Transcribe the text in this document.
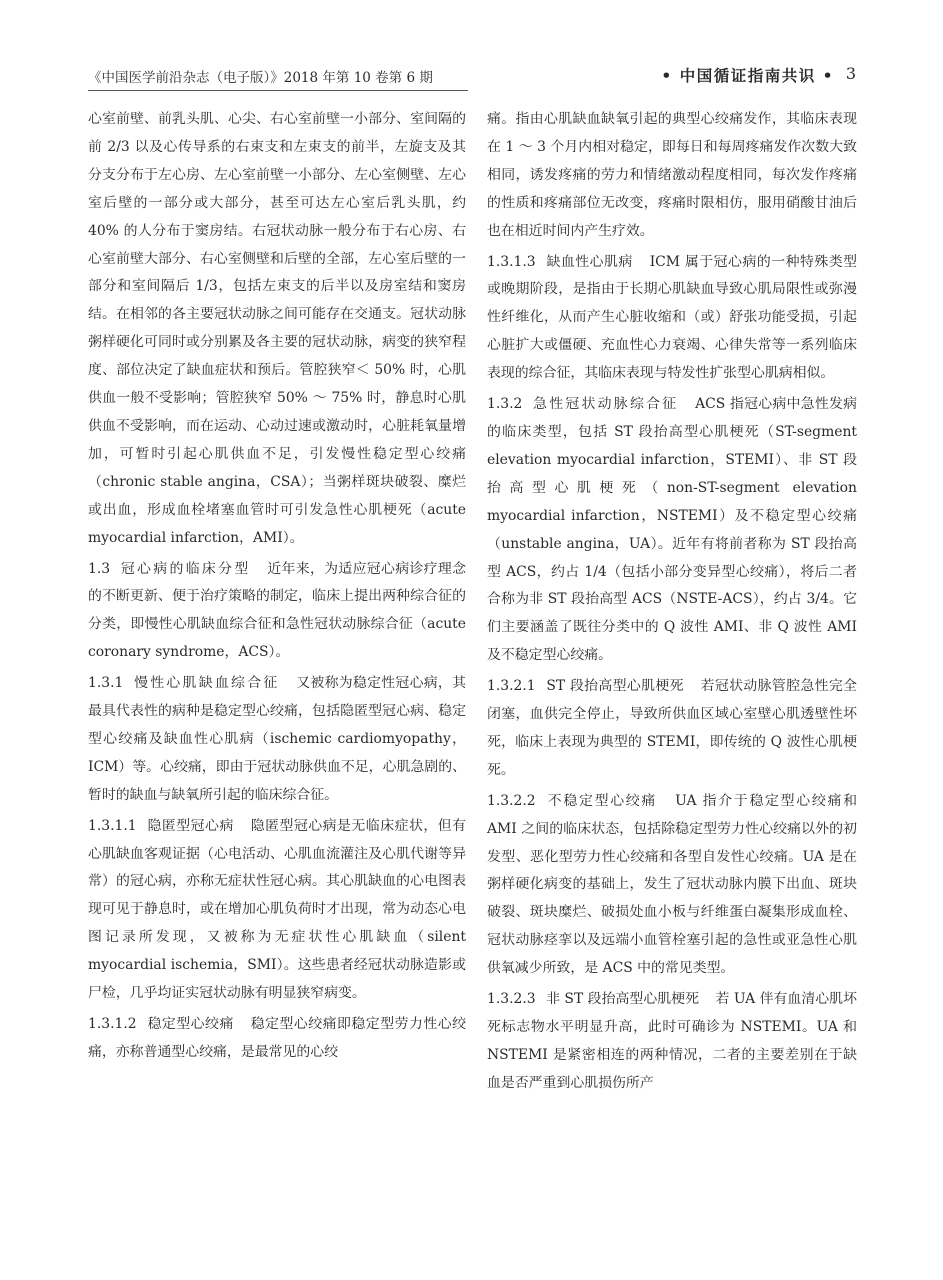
《中国医学前沿杂志（电子版）》2018 年第 10 卷第 6 期	• 中国循证指南共识 • 3

心室前壁、前乳头肌、心尖、右心室前壁一小部分、室间隔的前 2/3 以及心传导系的右束支和左束支的前半，左旋支及其分支分布于左心房、左心室前壁一小部分、左心室侧壁、左心室后壁的一部分或大部分，甚至可达左心室后乳头肌，约 40% 的人分布于窦房结。右冠状动脉一般分布于右心房、右心室前壁大部分、右心室侧壁和后壁的全部，左心室后壁的一部分和室间隔后 1/3，包括左束支的后半以及房室结和窦房结。在相邻的各主要冠状动脉之间可能存在交通支。冠状动脉粥样硬化可同时或分别累及各主要的冠状动脉，病变的狭窄程度、部位决定了缺血症状和预后。管腔狭窄＜ 50% 时，心肌供血一般不受影响；管腔狭窄 50% ～ 75% 时，静息时心肌供血不受影响，而在运动、心动过速或激动时，心脏耗氧量增加，可暂时引起心肌供血不足，引发慢性稳定型心绞痛（chronic stable angina，CSA）；当粥样斑块破裂、糜烂或出血，形成血栓堵塞血管时可引发急性心肌梗死（acute myocardial infarction，AMI）。

1.3 冠心病的临床分型 近年来，为适应冠心病诊疗理念的不断更新、便于治疗策略的制定，临床上提出两种综合征的分类，即慢性心肌缺血综合征和急性冠状动脉综合征（acute coronary syndrome，ACS）。

1.3.1 慢性心肌缺血综合征 又被称为稳定性冠心病，其最具代表性的病种是稳定型心绞痛，包括隐匿型冠心病、稳定型心绞痛及缺血性心肌病（ischemic cardiomyopathy，ICM）等。心绞痛，即由于冠状动脉供血不足，心肌急剧的、暂时的缺血与缺氧所引起的临床综合征。

1.3.1.1 隐匿型冠心病 隐匿型冠心病是无临床症状，但有心肌缺血客观证据（心电活动、心肌血流灌注及心肌代谢等异常）的冠心病，亦称无症状性冠心病。其心肌缺血的心电图表现可见于静息时，或在增加心肌负荷时才出现，常为动态心电图记录所发现，又被称为无症状性心肌缺血（silent myocardial ischemia，SMI）。这些患者经冠状动脉造影或尸检，几乎均证实冠状动脉有明显狭窄病变。

1.3.1.2 稳定型心绞痛 稳定型心绞痛即稳定型劳力性心绞痛，亦称普通型心绞痛，是最常见的心绞

痛。指由心肌缺血缺氧引起的典型心绞痛发作，其临床表现在 1 ～ 3 个月内相对稳定，即每日和每周疼痛发作次数大致相同，诱发疼痛的劳力和情绪激动程度相同，每次发作疼痛的性质和疼痛部位无改变，疼痛时限相仿，服用硝酸甘油后也在相近时间内产生疗效。

1.3.1.3 缺血性心肌病 ICM 属于冠心病的一种特殊类型或晚期阶段，是指由于长期心肌缺血导致心肌局限性或弥漫性纤维化，从而产生心脏收缩和（或）舒张功能受损，引起心脏扩大或僵硬、充血性心力衰竭、心律失常等一系列临床表现的综合征，其临床表现与特发性扩张型心肌病相似。

1.3.2 急性冠状动脉综合征 ACS 指冠心病中急性发病的临床类型，包括 ST 段抬高型心肌梗死（ST-segment elevation myocardial infarction，STEMI）、非 ST 段抬高型心肌梗死（non-ST-segment elevation myocardial infarction，NSTEMI）及不稳定型心绞痛（unstable angina，UA）。近年有将前者称为 ST 段抬高型 ACS，约占 1/4（包括小部分变异型心绞痛），将后二者合称为非 ST 段抬高型 ACS（NSTE-ACS），约占 3/4。它们主要涵盖了既往分类中的 Q 波性 AMI、非 Q 波性 AMI 及不稳定型心绞痛。

1.3.2.1 ST 段抬高型心肌梗死 若冠状动脉管腔急性完全闭塞，血供完全停止，导致所供血区域心室壁心肌透壁性坏死，临床上表现为典型的 STEMI，即传统的 Q 波性心肌梗死。

1.3.2.2 不稳定型心绞痛 UA 指介于稳定型心绞痛和 AMI 之间的临床状态，包括除稳定型劳力性心绞痛以外的初发型、恶化型劳力性心绞痛和各型自发性心绞痛。UA 是在粥样硬化病变的基础上，发生了冠状动脉内膜下出血、斑块破裂、斑块糜烂、破损处血小板与纤维蛋白凝集形成血栓、冠状动脉痉挛以及远端小血管栓塞引起的急性或亚急性心肌供氧减少所致，是 ACS 中的常见类型。

1.3.2.3 非 ST 段抬高型心肌梗死 若 UA 伴有血清心肌坏死标志物水平明显升高，此时可确诊为 NSTEMI。UA 和 NSTEMI 是紧密相连的两种情况，二者的主要差别在于缺血是否严重到心肌损伤所产
